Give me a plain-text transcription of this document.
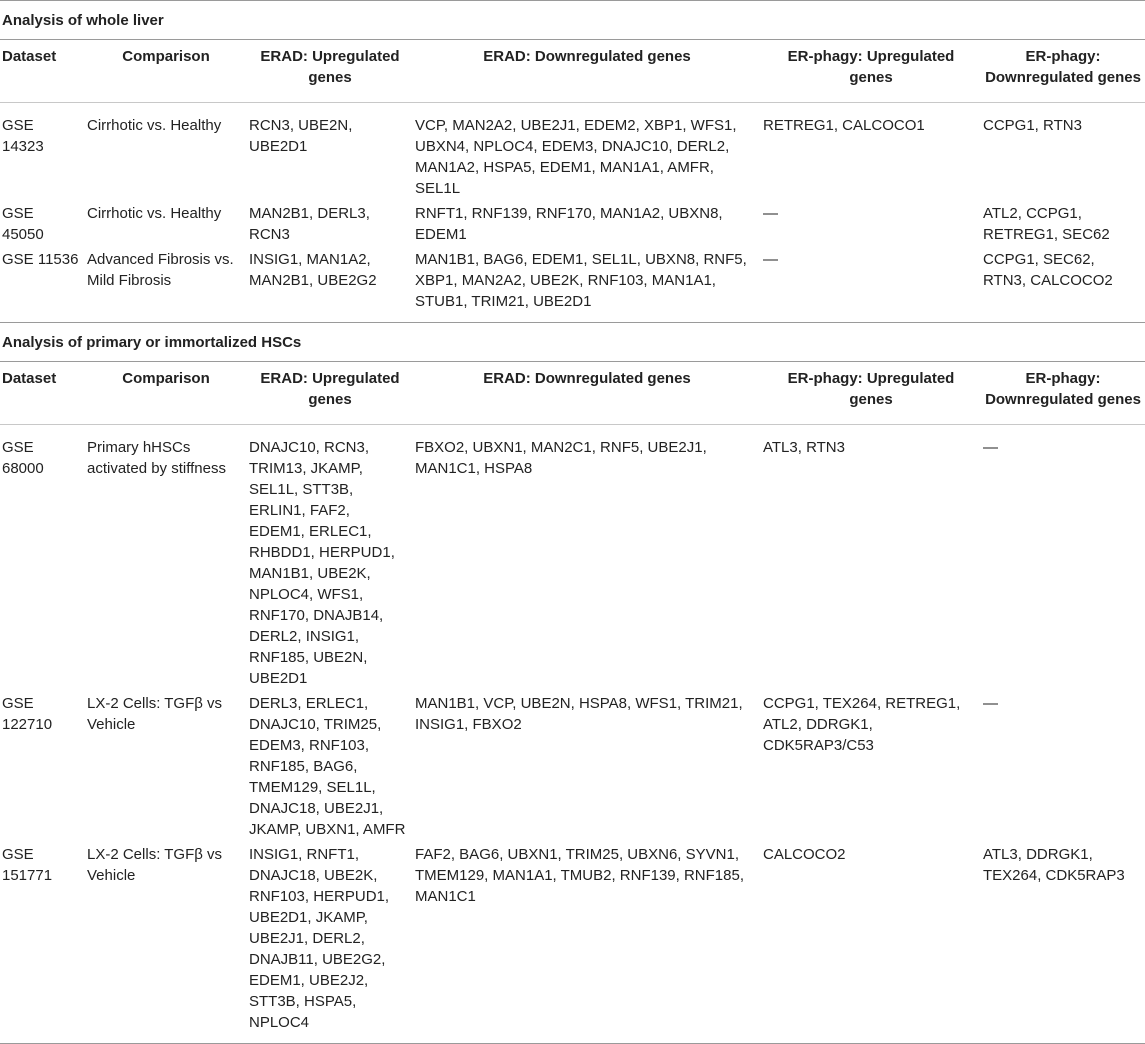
Analysis of whole liver
Dataset	Comparison	ERAD: Upregulated genes	ERAD: Downregulated genes	ER-phagy: Upregulated genes	ER-phagy: Downregulated genes
GSE 14323	Cirrhotic vs. Healthy	RCN3, UBE2N, UBE2D1	VCP, MAN2A2, UBE2J1, EDEM2, XBP1, WFS1, UBXN4, NPLOC4, EDEM3, DNAJC10, DERL2, MAN1A2, HSPA5, EDEM1, MAN1A1, AMFR, SEL1L	RETREG1, CALCOCO1	CCPG1, RTN3
GSE 45050	Cirrhotic vs. Healthy	MAN2B1, DERL3, RCN3	RNFT1, RNF139, RNF170, MAN1A2, UBXN8, EDEM1	—	ATL2, CCPG1, RETREG1, SEC62
GSE 11536	Advanced Fibrosis vs. Mild Fibrosis	INSIG1, MAN1A2, MAN2B1, UBE2G2	MAN1B1, BAG6, EDEM1, SEL1L, UBXN8, RNF5, XBP1, MAN2A2, UBE2K, RNF103, MAN1A1, STUB1, TRIM21, UBE2D1	—	CCPG1, SEC62, RTN3, CALCOCO2
Analysis of primary or immortalized HSCs
Dataset	Comparison	ERAD: Upregulated genes	ERAD: Downregulated genes	ER-phagy: Upregulated genes	ER-phagy: Downregulated genes
GSE 68000	Primary hHSCs activated by stiffness	DNAJC10, RCN3, TRIM13, JKAMP, SEL1L, STT3B, ERLIN1, FAF2, EDEM1, ERLEC1, RHBDD1, HERPUD1, MAN1B1, UBE2K, NPLOC4, WFS1, RNF170, DNAJB14, DERL2, INSIG1, RNF185, UBE2N, UBE2D1	FBXO2, UBXN1, MAN2C1, RNF5, UBE2J1, MAN1C1, HSPA8	ATL3, RTN3	—
GSE 122710	LX-2 Cells: TGFβ vs Vehicle	DERL3, ERLEC1, DNAJC10, TRIM25, EDEM3, RNF103, RNF185, BAG6, TMEM129, SEL1L, DNAJC18, UBE2J1, JKAMP, UBXN1, AMFR	MAN1B1, VCP, UBE2N, HSPA8, WFS1, TRIM21, INSIG1, FBXO2	CCPG1, TEX264, RETREG1, ATL2, DDRGK1, CDK5RAP3/C53	—
GSE 151771	LX-2 Cells: TGFβ vs Vehicle	INSIG1, RNFT1, DNAJC18, UBE2K, RNF103, HERPUD1, UBE2D1, JKAMP, UBE2J1, DERL2, DNAJB11, UBE2G2, EDEM1, UBE2J2, STT3B, HSPA5, NPLOC4	FAF2, BAG6, UBXN1, TRIM25, UBXN6, SYVN1, TMEM129, MAN1A1, TMUB2, RNF139, RNF185, MAN1C1	CALCOCO2	ATL3, DDRGK1, TEX264, CDK5RAP3
